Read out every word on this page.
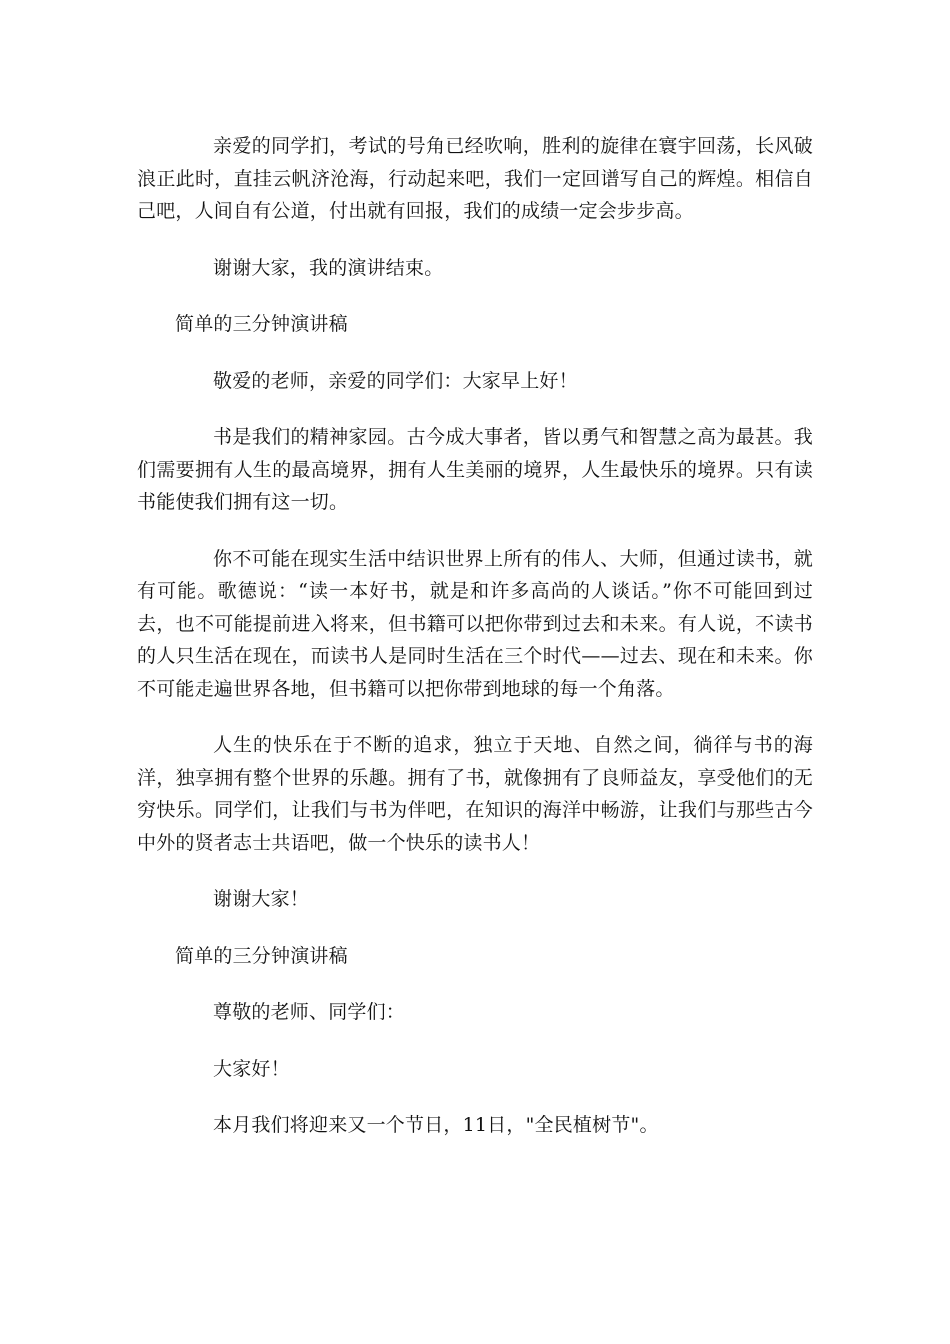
亲爱的同学扪，考试的号角已经吹响，胜利的旋律在寰宇回荡，长风破浪正此时，直挂云帆济沧海，行动起来吧，我们一定回谱写自己的辉煌。相信自己吧，人间自有公道，付出就有回报，我们的成绩一定会步步高。

谢谢大家，我的演讲结束。

简单的三分钟演讲稿

敬爱的老师，亲爱的同学们：大家早上好！

书是我们的精神家园。古今成大事者，皆以勇气和智慧之高为最甚。我们需要拥有人生的最高境界，拥有人生美丽的境界，人生最快乐的境界。只有读书能使我们拥有这一切。

你不可能在现实生活中结识世界上所有的伟人、大师，但通过读书，就有可能。歌德说：“读一本好书，就是和许多高尚的人谈话。”你不可能回到过去，也不可能提前进入将来，但书籍可以把你带到过去和未来。有人说，不读书的人只生活在现在，而读书人是同时生活在三个时代——过去、现在和未来。你不可能走遍世界各地，但书籍可以把你带到地球的每一个角落。

人生的快乐在于不断的追求，独立于天地、自然之间，徜徉与书的海洋，独享拥有整个世界的乐趣。拥有了书，就像拥有了良师益友，享受他们的无穷快乐。同学们，让我们与书为伴吧，在知识的海洋中畅游，让我们与那些古今中外的贤者志士共语吧，做一个快乐的读书人！

谢谢大家！

简单的三分钟演讲稿

尊敬的老师、同学们：

大家好！

本月我们将迎来又一个节日，11日，"全民植树节"。
